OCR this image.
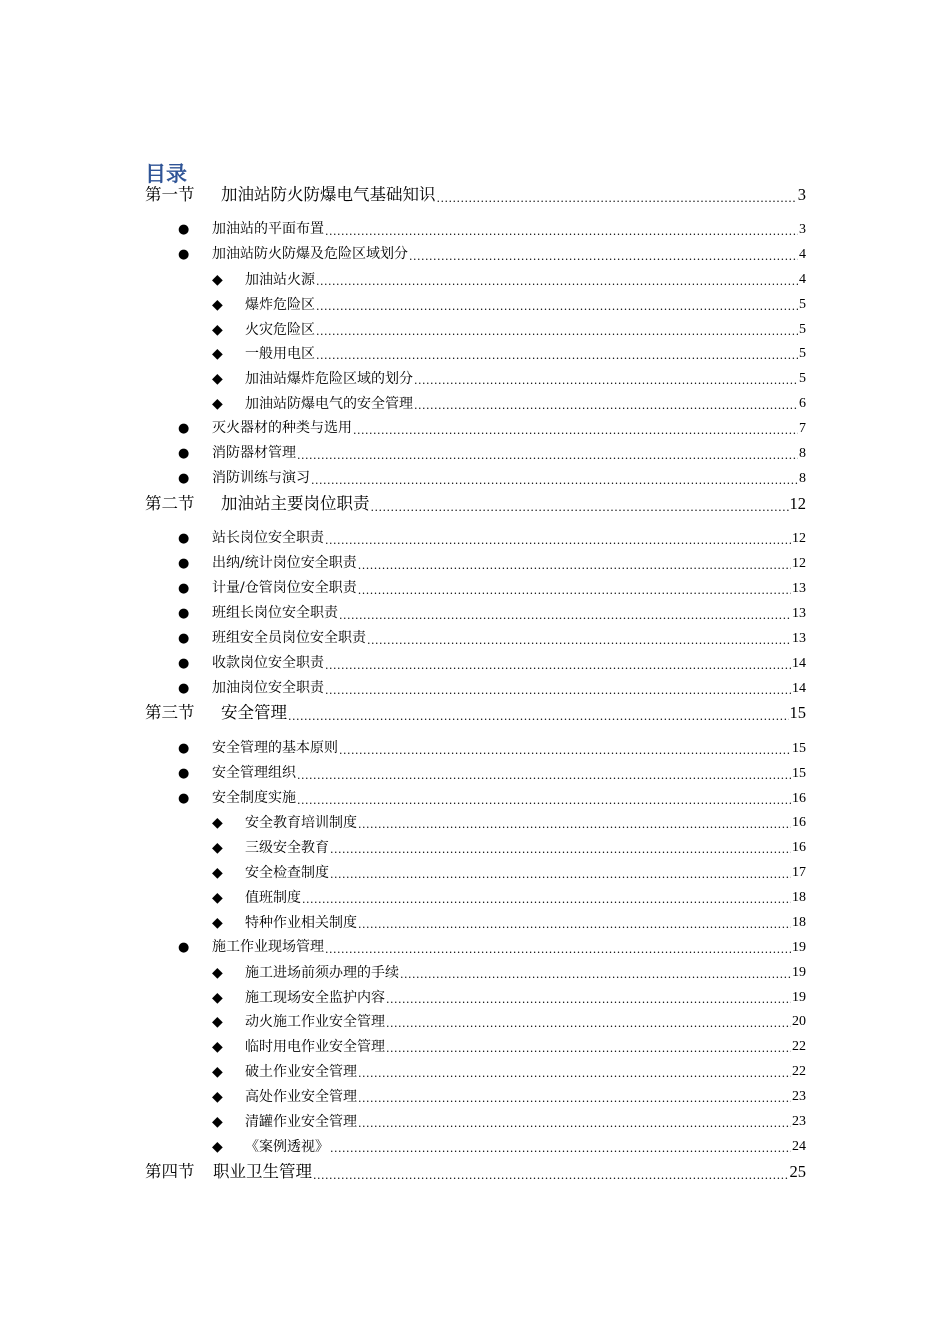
目录
第一节 加油站防火防爆电气基础知识 .....	3
● 加油站的平面布置 .....	3
● 加油站防火防爆及危险区域划分 .....	4
◆ 加油站火源 .....	4
◆ 爆炸危险区 .....	5
◆ 火灾危险区 .....	5
◆ 一般用电区 .....	5
◆ 加油站爆炸危险区域的划分 .....	5
◆ 加油站防爆电气的安全管理 .....	6
● 灭火器材的种类与选用 .....	7
● 消防器材管理 .....	8
● 消防训练与演习 .....	8
第二节 加油站主要岗位职责 .....	12
● 站长岗位安全职责 .....	12
● 出纳/统计岗位安全职责 .....	12
● 计量/仓管岗位安全职责 .....	13
● 班组长岗位安全职责 .....	13
● 班组安全员岗位安全职责 .....	13
● 收款岗位安全职责 .....	14
● 加油岗位安全职责 .....	14
第三节 安全管理 .....	15
● 安全管理的基本原则 .....	15
● 安全管理组织 .....	15
● 安全制度实施 .....	16
◆ 安全教育培训制度 .....	16
◆ 三级安全教育 .....	16
◆ 安全检查制度 .....	17
◆ 值班制度 .....	18
◆ 特种作业相关制度 .....	18
● 施工作业现场管理 .....	19
◆ 施工进场前须办理的手续 .....	19
◆ 施工现场安全监护内容 .....	19
◆ 动火施工作业安全管理 .....	20
◆ 临时用电作业安全管理 .....	22
◆ 破土作业安全管理 .....	22
◆ 高处作业安全管理 .....	23
◆ 清罐作业安全管理 .....	23
◆ 《案例透视》 .....	24
第四节 职业卫生管理 .....	25
